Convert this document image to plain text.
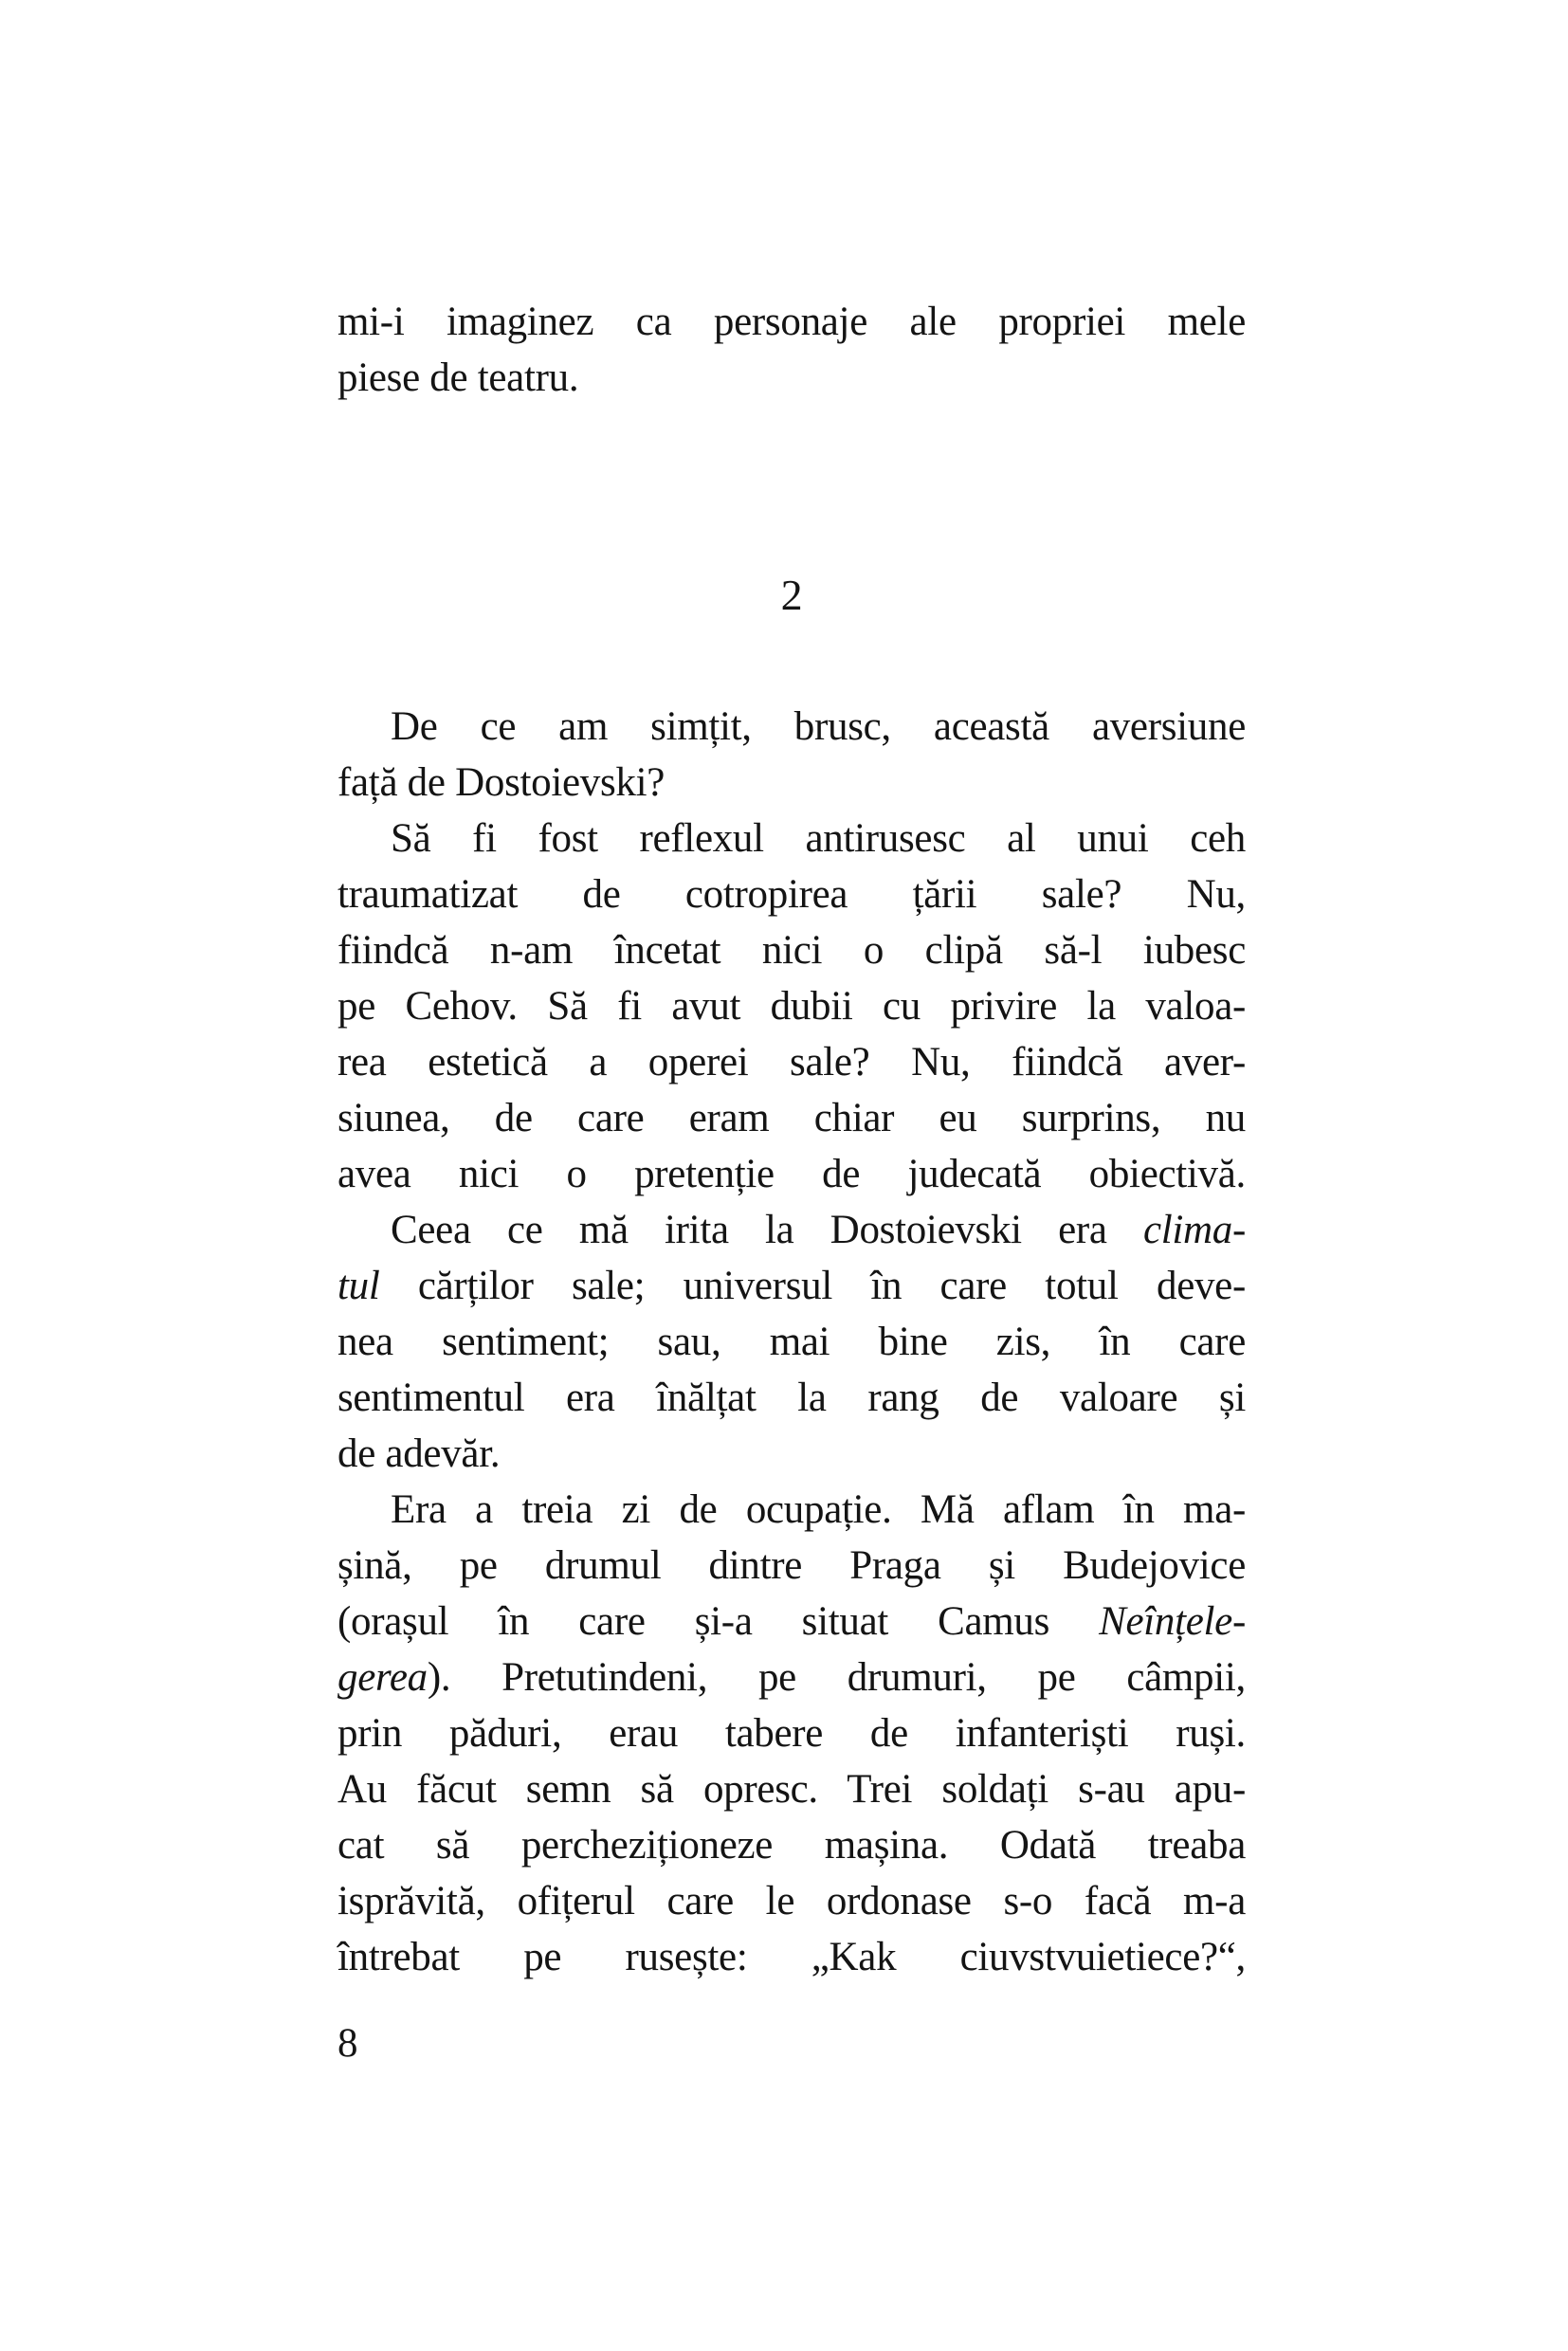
mi-i imaginez ca personaje ale propriei mele
piese de teatru.
2
De ce am simțit, brusc, această aversiune
față de Dostoievski?
Să fi fost reflexul antirusesc al unui ceh
traumatizat de cotropirea țării sale? Nu,
fiindcă n-am încetat nici o clipă să-l iubesc
pe Cehov. Să fi avut dubii cu privire la valoa-
rea estetică a operei sale? Nu, fiindcă aver-
siunea, de care eram chiar eu surprins, nu
avea nici o pretenție de judecată obiectivă.
Ceea ce mă irita la Dostoievski era clima-
tul cărților sale; universul în care totul deve-
nea sentiment; sau, mai bine zis, în care
sentimentul era înălțat la rang de valoare și
de adevăr.
Era a treia zi de ocupație. Mă aflam în ma-
șină, pe drumul dintre Praga și Budejovice
(orașul în care și-a situat Camus Neînțele-
gerea). Pretutindeni, pe drumuri, pe câmpii,
prin păduri, erau tabere de infanteriști ruși.
Au făcut semn să opresc. Trei soldați s-au apu-
cat să percheziționeze mașina. Odată treaba
isprăvită, ofițerul care le ordonase s-o facă m-a
întrebat pe rusește: „Kak ciuvstvuietiece?“,
8
